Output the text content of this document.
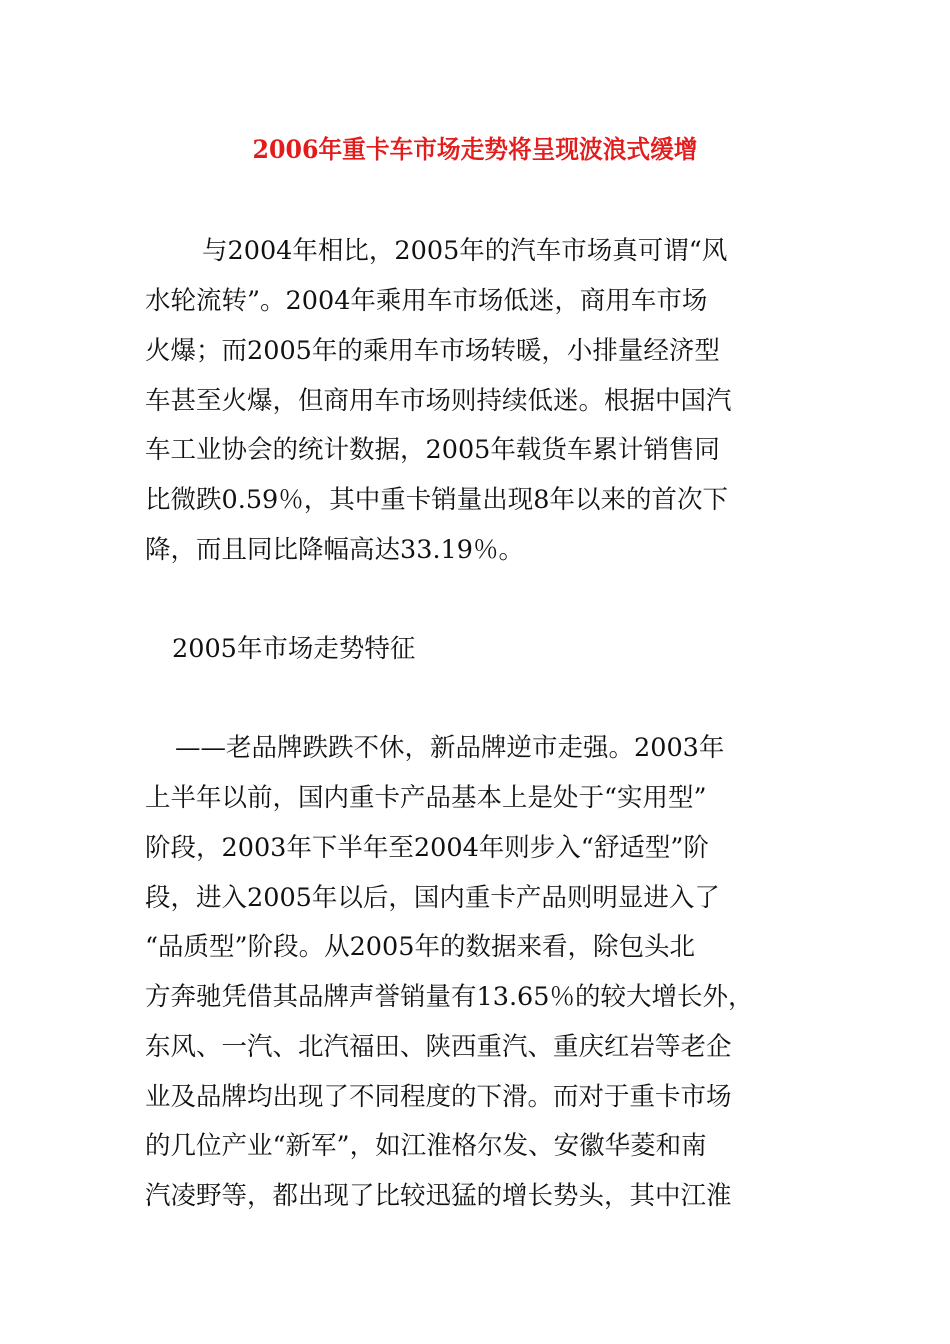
2006年重卡车市场走势将呈现波浪式缓增
与2004年相比，2005年的汽车市场真可谓“风
水轮流转”。2004年乘用车市场低迷，商用车市场
火爆；而2005年的乘用车市场转暖，小排量经济型
车甚至火爆，但商用车市场则持续低迷。根据中国汽
车工业协会的统计数据，2005年载货车累计销售同
比微跌0.59％，其中重卡销量出现8年以来的首次下
降，而且同比降幅高达33.19％。
2005年市场走势特征
——老品牌跌跌不休，新品牌逆市走强。2003年
上半年以前，国内重卡产品基本上是处于“实用型”
阶段，2003年下半年至2004年则步入“舒适型”阶
段，进入2005年以后，国内重卡产品则明显进入了
“品质型”阶段。从2005年的数据来看，除包头北
方奔驰凭借其品牌声誉销量有13.65％的较大增长外，
东风、一汽、北汽福田、陕西重汽、重庆红岩等老企
业及品牌均出现了不同程度的下滑。而对于重卡市场
的几位产业“新军”，如江淮格尔发、安徽华菱和南
汽凌野等，都出现了比较迅猛的增长势头，其中江淮
